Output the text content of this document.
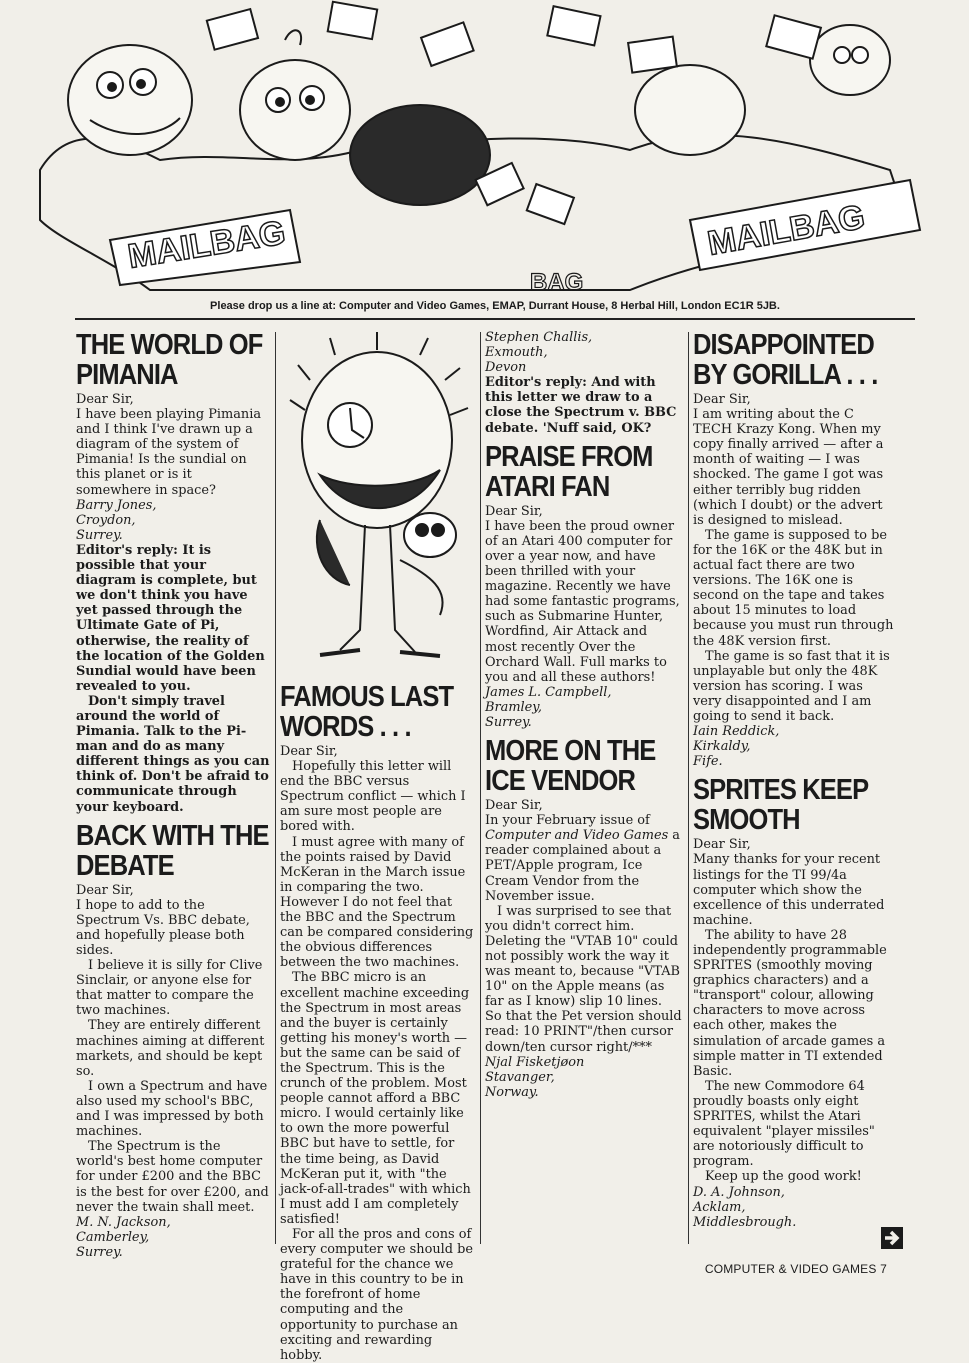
MAILBAG	MAILBAG
BAG
Please drop us a line at: Computer and Video Games, EMAP, Durrant House, 8 Herbal Hill, London EC1R 5JB.
THE WORLD OF PIMANIA

Dear Sir,

I have been playing Pimania and I think I've drawn up a diagram of the system of Pimania! Is the sundial on this planet or is it somewhere in space?

Barry Jones,

Croydon,

Surrey.

Editor's reply: It is possible that your diagram is complete, but we don't think you have yet passed through the Ultimate Gate of Pi, otherwise, the reality of the location of the Golden Sundial would have been revealed to you.

Don't simply travel around the world of Pimania. Talk to the Pi-man and do as many different things as you can think of. Don't be afraid to communicate through your keyboard.

BACK WITH THE DEBATE

Dear Sir,

I hope to add to the Spectrum Vs. BBC debate, and hopefully please both sides.

I believe it is silly for Clive Sinclair, or anyone else for that matter to compare the two machines.

They are entirely different machines aiming at different markets, and should be kept so.

I own a Spectrum and have also used my school's BBC, and I was impressed by both machines.

The Spectrum is the world's best home computer for under £200 and the BBC is the best for over £200, and never the twain shall meet.

M. N. Jackson,

Camberley,

Surrey.

FAMOUS LAST WORDS . . .

Dear Sir,

Hopefully this letter will end the BBC versus Spectrum conflict — which I am sure most people are bored with.

I must agree with many of the points raised by David McKeran in the March issue in comparing the two. However I do not feel that the BBC and the Spectrum can be compared considering the obvious differences between the two machines.

The BBC micro is an excellent machine exceeding the Spectrum in most areas and the buyer is certainly getting his money's worth — but the same can be said of the Spectrum. This is the crunch of the problem. Most people cannot afford a BBC micro. I would certainly like to own the more powerful BBC but have to settle, for the time being, as David McKeran put it, with "the jack-of-all-trades" with which I must add I am completely satisfied!

For all the pros and cons of every computer we should be grateful for the chance we have in this country to be in the forefront of home computing and the opportunity to purchase an exciting and rewarding hobby.

Stephen Challis,

Exmouth,

Devon

Editor's reply: And with this letter we draw to a close the Spectrum v. BBC debate. 'Nuff said, OK?

PRAISE FROM ATARI FAN

Dear Sir,

I have been the proud owner of an Atari 400 computer for over a year now, and have been thrilled with your magazine. Recently we have had some fantastic programs, such as Submarine Hunter, Wordfind, Air Attack and most recently Over the Orchard Wall. Full marks to you and all these authors!

James L. Campbell,

Bramley,

Surrey.

MORE ON THE ICE VENDOR

Dear Sir,

In your February issue of Computer and Video Games a reader complained about a PET/Apple program, Ice Cream Vendor from the November issue.

I was surprised to see that you didn't correct him. Deleting the "VTAB 10" could not possibly work the way it was meant to, because "VTAB 10" on the Apple means (as far as I know) slip 10 lines. So that the Pet version should read: 10 PRINT"/then cursor down/ten cursor right/***

Njal Fisketjøon

Stavanger,

Norway.

DISAPPOINTED BY GORILLA . . .

Dear Sir,

I am writing about the C TECH Krazy Kong. When my copy finally arrived — after a month of waiting — I was shocked. The game I got was either terribly bug ridden (which I doubt) or the advert is designed to mislead.

The game is supposed to be for the 16K or the 48K but in actual fact there are two versions. The 16K one is second on the tape and takes about 15 minutes to load because you must run through the 48K version first.

The game is so fast that it is unplayable but only the 48K version has scoring. I was very disappointed and I am going to send it back.

Iain Reddick,

Kirkaldy,

Fife.

SPRITES KEEP SMOOTH

Dear Sir,

Many thanks for your recent listings for the TI 99/4a computer which show the excellence of this underrated machine.

The ability to have 28 independently programmable SPRITES (smoothly moving graphics characters) and a "transport" colour, allowing characters to move across each other, makes the simulation of arcade games a simple matter in TI extended Basic.

The new Commodore 64 proudly boasts only eight SPRITES, whilst the Atari equivalent "player missiles" are notoriously difficult to program.

Keep up the good work!

D. A. Johnson,

Acklam,

Middlesbrough.

COMPUTER & VIDEO GAMES 7
